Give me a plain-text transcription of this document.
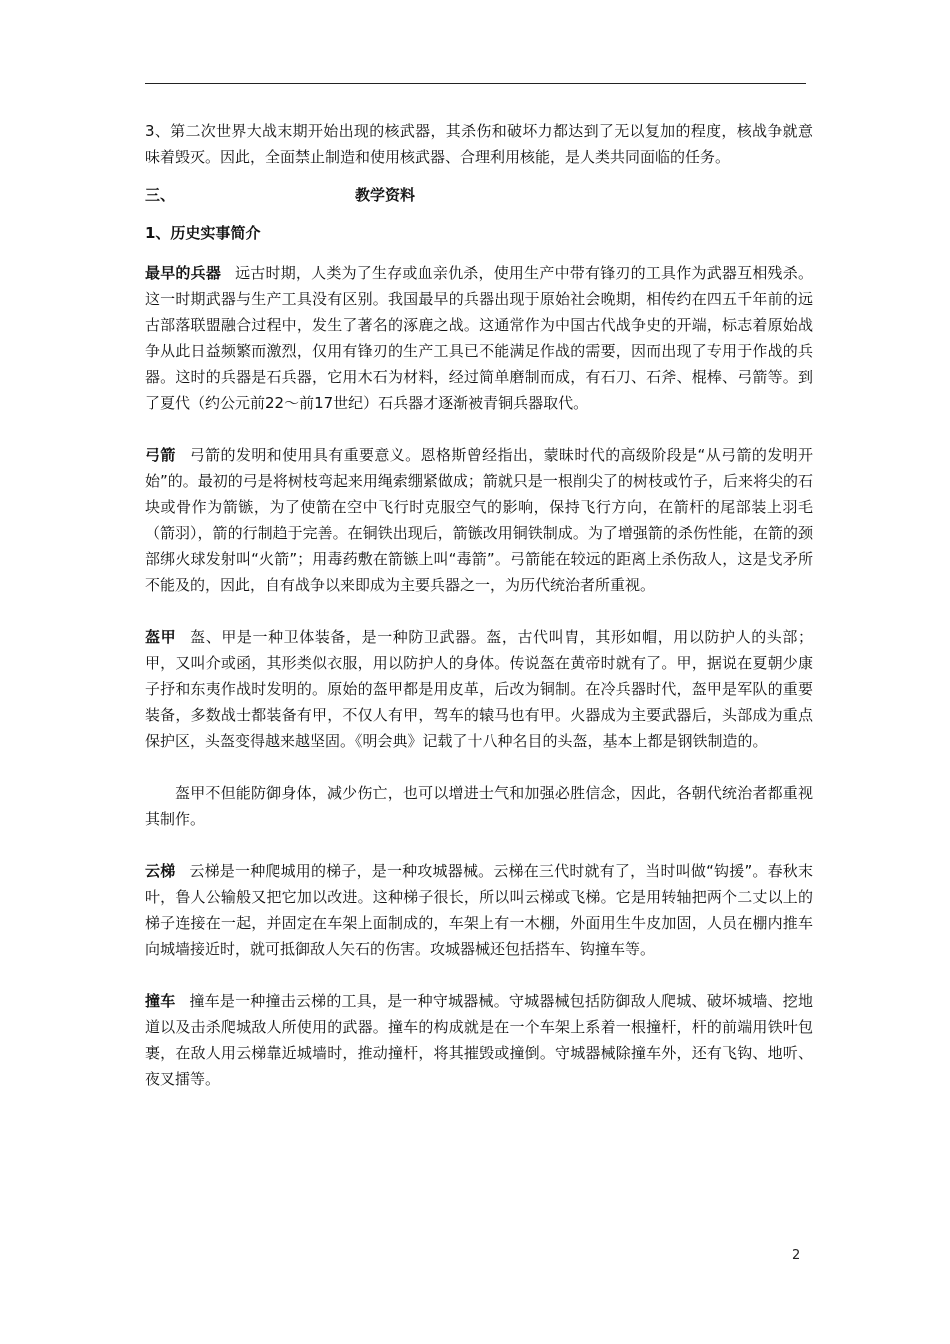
3、第二次世界大战末期开始出现的核武器，其杀伤和破坏力都达到了无以复加的程度，核战争就意味着毁灭。因此，全面禁止制造和使用核武器、合理利用核能，是人类共同面临的任务。

三、	教学资料

1、历史实事简介

最早的兵器 远古时期，人类为了生存或血亲仇杀，使用生产中带有锋刃的工具作为武器互相残杀。这一时期武器与生产工具没有区别。我国最早的兵器出现于原始社会晚期，相传约在四五千年前的远古部落联盟融合过程中，发生了著名的涿鹿之战。这通常作为中国古代战争史的开端，标志着原始战争从此日益频繁而激烈，仅用有锋刃的生产工具已不能满足作战的需要，因而出现了专用于作战的兵器。这时的兵器是石兵器，它用木石为材料，经过简单磨制而成，有石刀、石斧、棍棒、弓箭等。到了夏代（约公元前22～前17世纪）石兵器才逐渐被青铜兵器取代。

弓箭 弓箭的发明和使用具有重要意义。恩格斯曾经指出，蒙昧时代的高级阶段是“从弓箭的发明开始”的。最初的弓是将树枝弯起来用绳索绷紧做成；箭就只是一根削尖了的树枝或竹子，后来将尖的石块或骨作为箭镞，为了使箭在空中飞行时克服空气的影响，保持飞行方向，在箭杆的尾部装上羽毛（箭羽），箭的行制趋于完善。在铜铁出现后，箭镞改用铜铁制成。为了增强箭的杀伤性能，在箭的颈部绑火球发射叫“火箭”；用毒药敷在箭镞上叫“毒箭”。弓箭能在较远的距离上杀伤敌人，这是戈矛所不能及的，因此，自有战争以来即成为主要兵器之一，为历代统治者所重视。

盔甲 盔、甲是一种卫体装备，是一种防卫武器。盔，古代叫胄，其形如帽，用以防护人的头部；甲，又叫介或函，其形类似衣服，用以防护人的身体。传说盔在黄帝时就有了。甲，据说在夏朝少康子抒和东夷作战时发明的。原始的盔甲都是用皮革，后改为铜制。在冷兵器时代，盔甲是军队的重要装备，多数战士都装备有甲，不仅人有甲，驾车的辕马也有甲。火器成为主要武器后，头部成为重点保护区，头盔变得越来越坚固。《明会典》记载了十八种名目的头盔，基本上都是钢铁制造的。

盔甲不但能防御身体，减少伤亡，也可以增进士气和加强必胜信念，因此，各朝代统治者都重视其制作。

云梯 云梯是一种爬城用的梯子，是一种攻城器械。云梯在三代时就有了，当时叫做“钩援”。春秋末叶，鲁人公输般又把它加以改进。这种梯子很长，所以叫云梯或飞梯。它是用转轴把两个二丈以上的梯子连接在一起，并固定在车架上面制成的，车架上有一木棚，外面用生牛皮加固，人员在棚内推车向城墙接近时，就可抵御敌人矢石的伤害。攻城器械还包括搭车、钩撞车等。

撞车 撞车是一种撞击云梯的工具，是一种守城器械。守城器械包括防御敌人爬城、破坏城墙、挖地道以及击杀爬城敌人所使用的武器。撞车的构成就是在一个车架上系着一根撞杆，杆的前端用铁叶包裹，在敌人用云梯靠近城墙时，推动撞杆，将其摧毁或撞倒。守城器械除撞车外，还有飞钩、地听、夜叉擂等。

2
